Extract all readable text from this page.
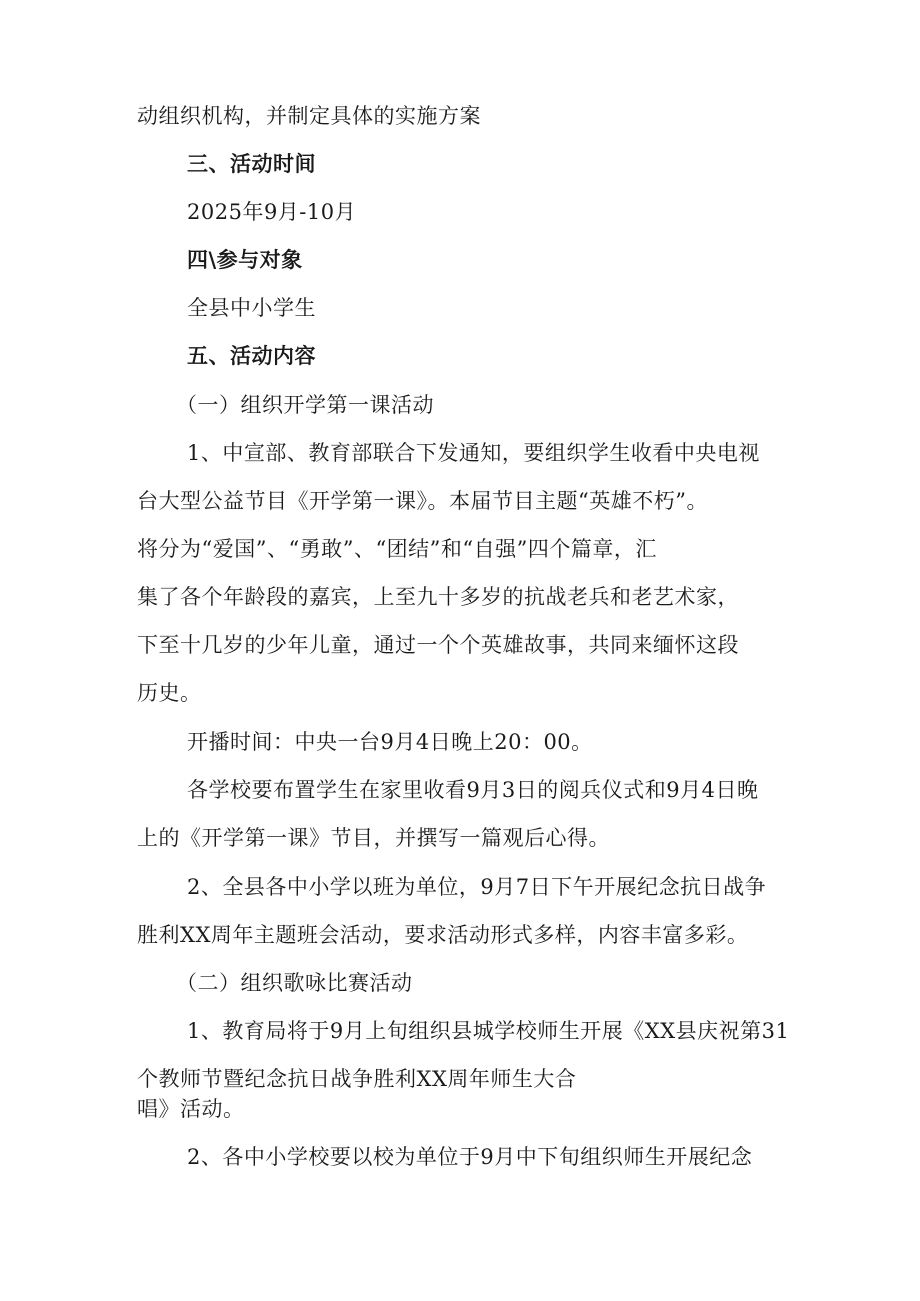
动组织机构，并制定具体的实施方案
三、活动时间
2025年9月-10月
四\参与对象
全县中小学生
五、活动内容
（一）组织开学第一课活动
1、中宣部、教育部联合下发通知，要组织学生收看中央电视
台大型公益节目《开学第一课》。本届节目主题“英雄不朽”。
将分为“爱国”、“勇敢”、“团结”和“自强”四个篇章，汇
集了各个年龄段的嘉宾，上至九十多岁的抗战老兵和老艺术家，
下至十几岁的少年儿童，通过一个个英雄故事，共同来缅怀这段
历史。
开播时间：中央一台9月4日晚上20：00。
各学校要布置学生在家里收看9月3日的阅兵仪式和9月4日晚
上的《开学第一课》节目，并撰写一篇观后心得。
2、全县各中小学以班为单位，9月7日下午开展纪念抗日战争
胜利XX周年主题班会活动，要求活动形式多样，内容丰富多彩。
（二）组织歌咏比赛活动
1、教育局将于9月上旬组织县城学校师生开展《XX县庆祝第31
个教师节暨纪念抗日战争胜利XX周年师生大合
唱》活动。
2、各中小学校要以校为单位于9月中下旬组织师生开展纪念
